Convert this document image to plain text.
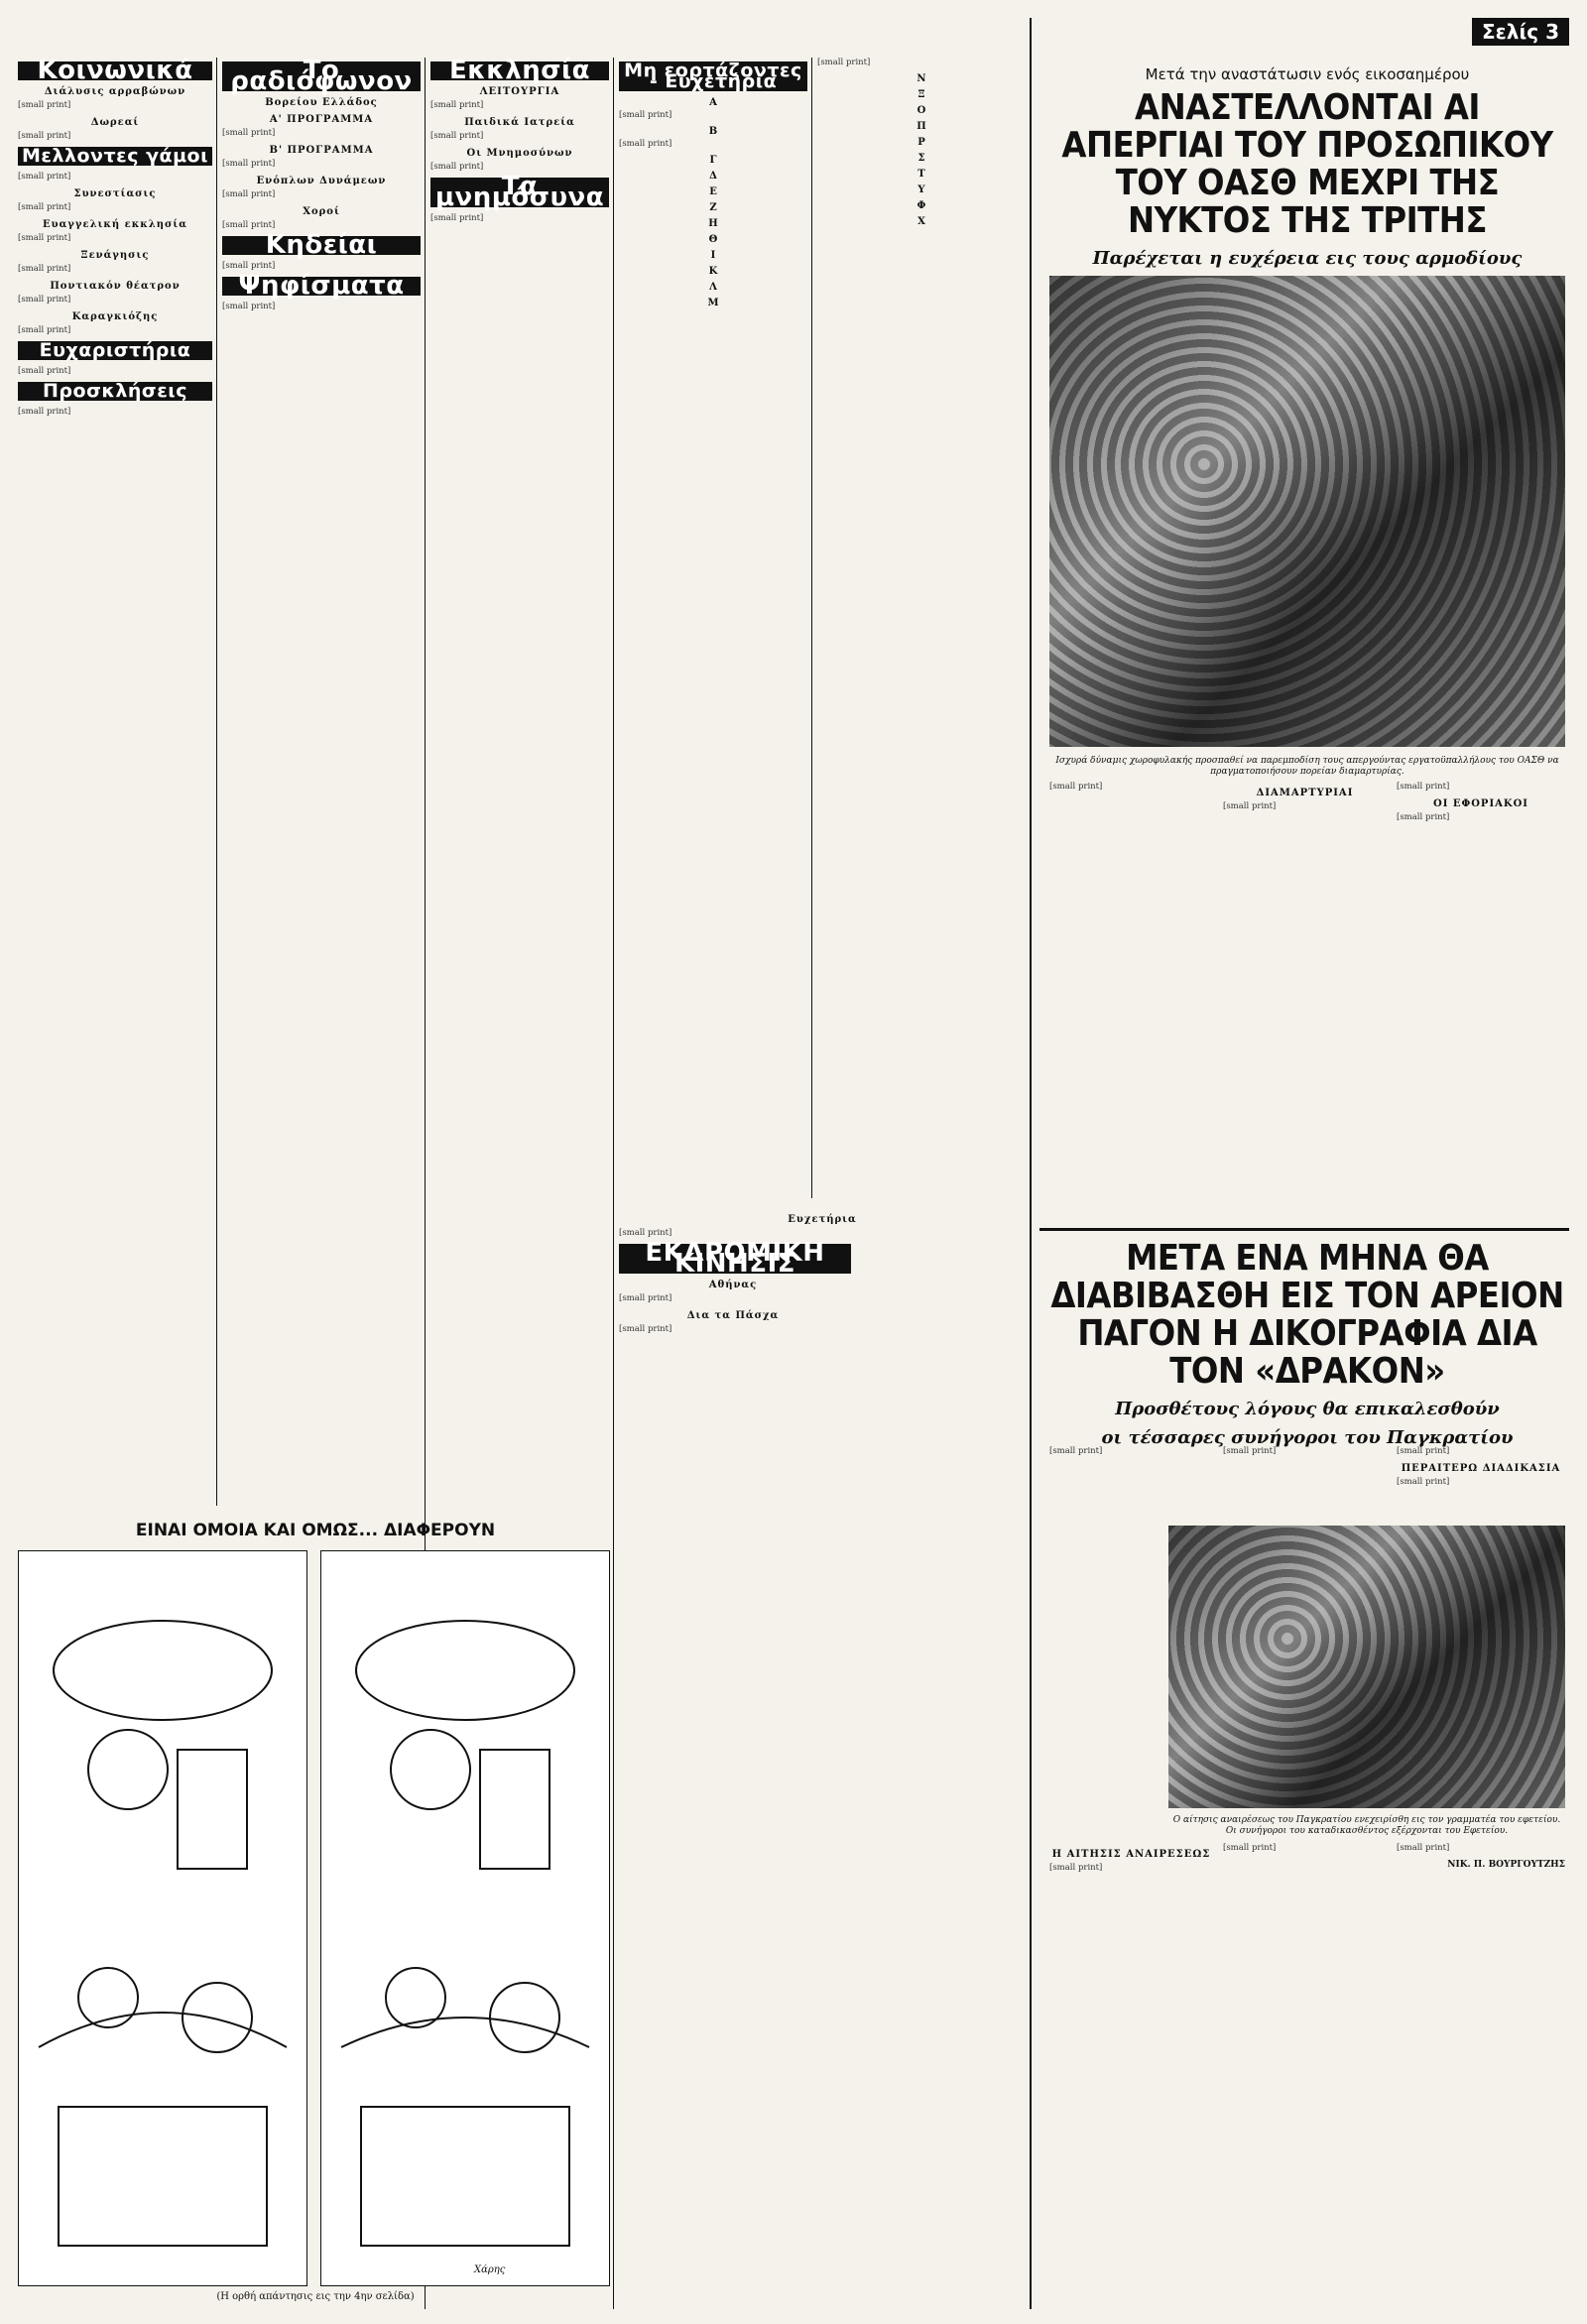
Σελίς 3
Κοινωνικά
Διάλυσις αρραβώνων

[small print]

Δωρεαί

[small print]

Μελλοντες γάμοι

[small print]

Συνεστίασις

[small print]

Ευαγγελική εκκλησία

[small print]

Ξενάγησις

[small print]

Ποντιακόν θέατρον

[small print]

Καραγκιόζης

[small print]

Ευχαριστήρια

[small print]

Προσκλήσεις

[small print]

Το ραδιόφωνον
Βορείου Ελλάδος
Α' ΠΡΟΓΡΑΜΜΑ

[small print]

Β' ΠΡΟΓΡΑΜΜΑ

[small print]

Ενόπλων Δυνάμεων

[small print]

Χοροί

[small print]

Κηδείαι

[small print]

Ψηφίσματα

[small print]

Εκκλησία
ΛΕΙΤΟΥΡΓΙΑ

[small print]

Παιδικά Ιατρεία

[small print]

Οι Μνημοσύνων

[small print]

Τα μνημόσυνα

[small print]

Μη εορτάζοντες - Ευχετήρια
Α

[small print]

Β

[small print]

Γ
Δ
Ε
Ζ
Η
Θ
Ι
Κ
Λ
Μ

[small print]

Ν
Ξ
Ο
Π
Ρ
Σ
Τ
Υ
Φ
Χ
Ευχετήρια

[small print]

ΕΚΔΡΟΜΙΚΗ ΚΙΝΗΣΙΣ
Αθήνας

[small print]

Δια τα Πάσχα

[small print]

ΕΙΝΑΙ ΟΜΟΙΑ ΚΑΙ ΟΜΩΣ... ΔΙΑΦΕΡΟΥΝ
Χάρης
(Η ορθή απάντησις εις την 4ην σελίδα)
Μετά την αναστάτωσιν ενός εικοσαημέρου
ΑΝΑΣΤΕΛΛΟΝΤΑΙ ΑΙ ΑΠΕΡΓΙΑΙ ΤΟΥ ΠΡΟΣΩΠΙΚΟΥ ΤΟΥ ΟΑΣΘ ΜΕΧΡΙ ΤΗΣ ΝΥΚΤΟΣ ΤΗΣ ΤΡΙΤΗΣ
Παρέχεται η ευχέρεια εις τους αρμοδίους
Ισχυρά δύναμις χωροφυλακής προσπαθεί να παρεμποδίση τους απεργούντας εργατοϋπαλλήλους του ΟΑΣΘ να πραγματοποιήσουν πορείαν διαμαρτυρίας.

[small print]

ΔΙΑΜΑΡΤΥΡΙΑΙ

[small print]

[small print]

ΟΙ ΕΦΟΡΙΑΚΟΙ

[small print]

ΜΕΤΑ ΕΝΑ ΜΗΝΑ ΘΑ ΔΙΑΒΙΒΑΣΘΗ ΕΙΣ ΤΟΝ ΑΡΕΙΟΝ ΠΑΓΟΝ Η ΔΙΚΟΓΡΑΦΙΑ ΔΙΑ ΤΟΝ «ΔΡΑΚΟΝ»
Προσθέτους λόγους θα επικαλεσθούν
οι τέσσαρες συνήγοροι του Παγκρατίου

[small print]	[small print]	[small print]

ΠΕΡΑΙΤΕΡΩ ΔΙΑΔΙΚΑΣΙΑ

[small print]

Ο αίτησις αναιρέσεως του Παγκρατίου ενεχειρίσθη εις τον γραμματέα του εφετείου. Οι συνήγοροι του καταδικασθέντος εξέρχονται του Εφετείου.
Η ΑΙΤΗΣΙΣ ΑΝΑΙΡΕΣΕΩΣ

[small print]

[small print]	[small print]

ΝΙΚ. Π. ΒΟΥΡΓΟΥΤΖΗΣ
